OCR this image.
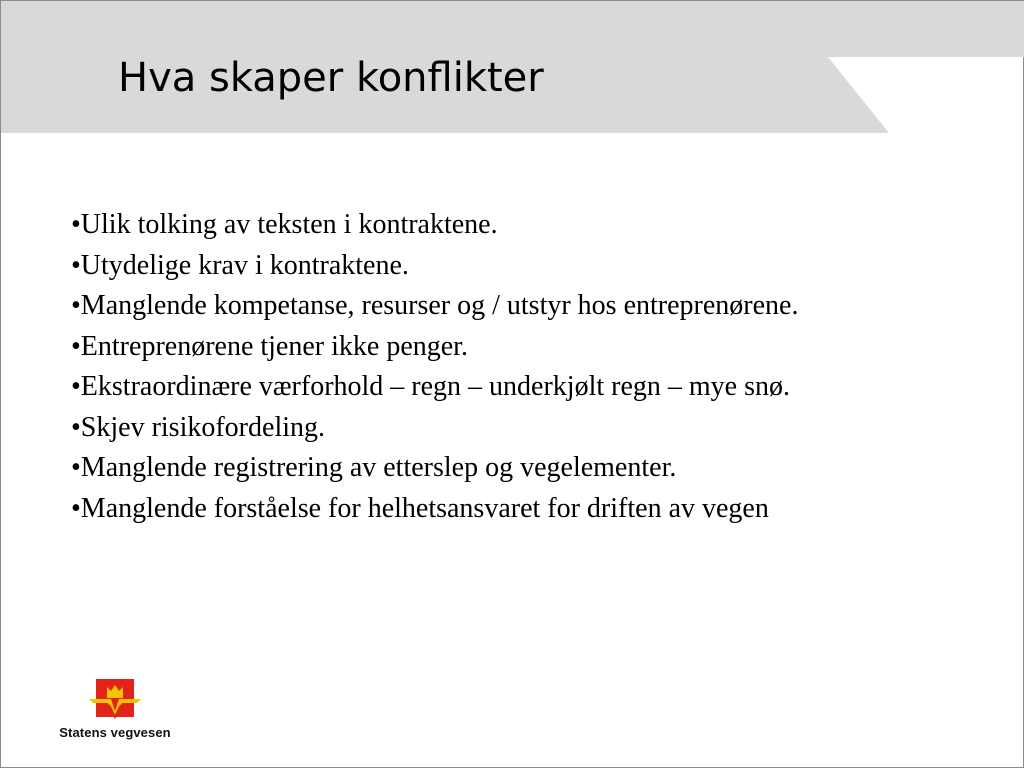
Hva skaper konflikter
•Ulik tolking av teksten i kontraktene.
•Utydelige krav i kontraktene.
•Manglende kompetanse, resurser og / utstyr hos entreprenørene.
•Entreprenørene tjener ikke penger.
•Ekstraordinære værforhold – regn – underkjølt regn – mye snø.
•Skjev risikofordeling.
•Manglende registrering av etterslep og vegelementer.
•Manglende forståelse for helhetsansvaret for driften av vegen
Statens vegvesen
